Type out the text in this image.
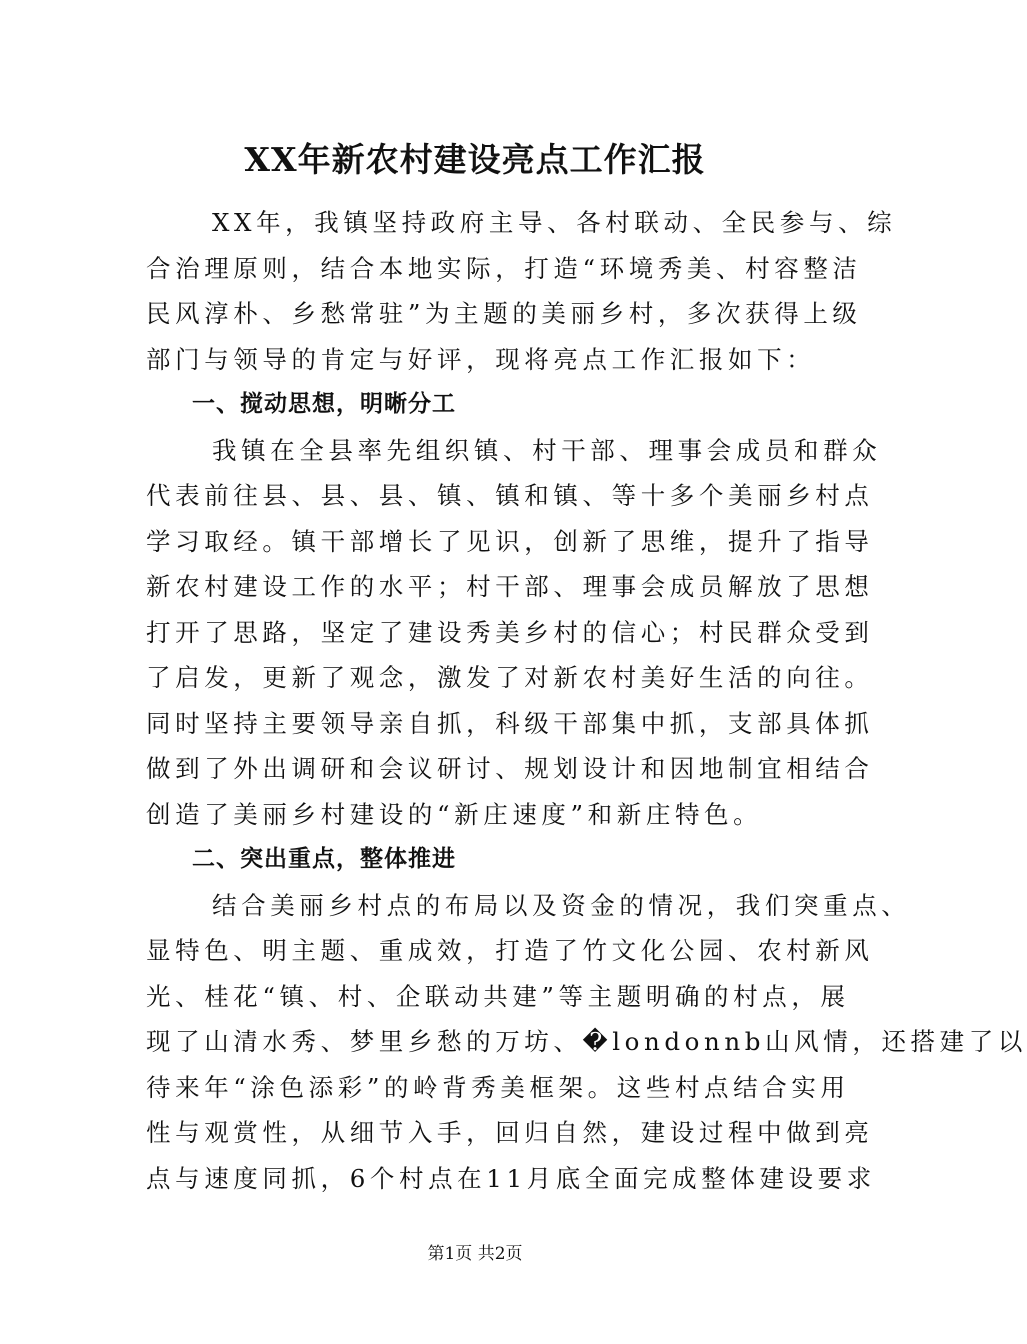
XX年新农村建设亮点工作汇报
XX年，我镇坚持政府主导、各村联动、全民参与、综
合治理原则，结合本地实际，打造“环境秀美、村容整洁
民风淳朴、乡愁常驻”为主题的美丽乡村，多次获得上级
部门与领导的肯定与好评，现将亮点工作汇报如下：
一、搅动思想，明晰分工
我镇在全县率先组织镇、村干部、理事会成员和群众
代表前往县、县、县、镇、镇和镇、等十多个美丽乡村点
学习取经。镇干部增长了见识，创新了思维，提升了指导
新农村建设工作的水平；村干部、理事会成员解放了思想
打开了思路，坚定了建设秀美乡村的信心；村民群众受到
了启发，更新了观念，激发了对新农村美好生活的向往。
同时坚持主要领导亲自抓，科级干部集中抓，支部具体抓
做到了外出调研和会议研讨、规划设计和因地制宜相结合
创造了美丽乡村建设的“新庄速度”和新庄特色。
二、突出重点，整体推进
结合美丽乡村点的布局以及资金的情况，我们突重点、
显特色、明主题、重成效，打造了竹文化公园、农村新风
光、桂花“镇、村、企联动共建”等主题明确的村点，展
现了山清水秀、梦里乡愁的万坊、�londonnb山风情，还搭建了以
待来年“涂色添彩”的岭背秀美框架。这些村点结合实用
性与观赏性，从细节入手，回归自然，建设过程中做到亮
点与速度同抓，6个村点在11月底全面完成整体建设要求
第1页 共2页
